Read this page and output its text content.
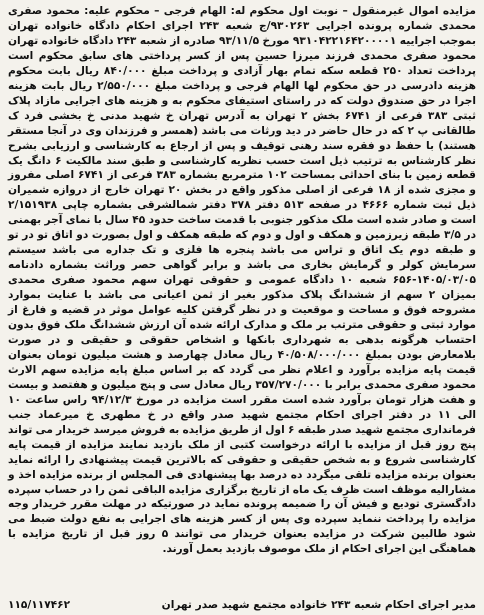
مزایده اموال غیرمنقول – نوبت اول محکوم له: الهام فرجی – محکوم علیه: محمود صفری محمدی شماره پرونده اجرایی ۹۳۰۲۶۳/ج شعبه ۲۴۳ اجرای احکام دادگاه خانواده تهران بموجب اجراییه ۹۳۱۰۴۲۲۱۶۴۲۰۰۰۰۱ مورخ ۹۳/۱۱/۵ صادره از شعبه ۲۴۳ دادگاه خانواده تهران محمود صفری محمدی فرزند میرزا حسین پس از کسر پرداختی های سابق محکوم است پرداخت تعداد ۲۵۰ قطعه سکه تمام بهار آزادی و پرداخت مبلغ ۸۴۰/۰۰۰ ریال بابت محکوم هزینه دادرسی در حق محکوم لها الهام فرجی و پرداخت مبلغ ۲/۵۵۰/۰۰۰ ریال بابت هزینه اجرا در حق صندوق دولت که در راستای استیفای محکوم به و هزینه های اجرایی مازاد پلاک ثبتی ۳۸۳ فرعی از ۶۷۴۱ بخش ۲ تهران به آدرس تهران خ شهید مدنی خ بخشی فرد ک طالقانی پ ۲ که در حال حاضر در دید ورثات می باشد (همسر و فرزندان وی در آنجا مستقر هستند) با حفظ دو فقره سند رهنی توقیف و پس از ارجاع به کارشناسی و ارزیابی بشرح نظر کارشناس به ترتیب ذیل است حسب نظریه کارشناسی و طبق سند مالکیت ۶ دانگ یک قطعه زمین با بنای احداثی بمساحت ۱۰۲ مترمربع بشماره ۳۸۳ فرعی از ۶۷۴۱ اصلی مفروز و مجزی شده از ۱۸ فرعی از اصلی مذکور واقع در بخش ۲۰ تهران خارج از دروازه شمیران ذیل ثبت شماره ۴۶۶۶ در صفحه ۵۱۳ دفتر ۳۷۸ دفتر شمالشرقی بشماره چاپی ۲/۱۵۱۹۳۸ است و صادر شده است ملک مذکور جنوبی با قدمت ساخت حدود ۴۵ سال با نمای آجر بهمنی در ۳/۵ طبقه زیرزمین و همکف و اول و دوم که طبقه همکف و اول بصورت دو اتاق تو در تو و طبقه دوم یک اتاق و تراس می باشد پنجره ها فلزی و تک جداره می باشد سیستم سرمایش کولر و گرمایش بخاری می باشد و برابر گواهی حصر وراثت بشماره دادنامه ۱۴۰۵/۰۳/۰۵-۶۵۶ شعبه ۱۰ دادگاه عمومی و حقوقی تهران سهم محمود صفری محمدی بمیزان ۲ سهم از ششدانگ پلاک مذکور بغیر از ثمن اعیانی می باشد با عنایت بموارد مشروحه فوق و مساحت و موقعیت و در نظر گرفتن کلیه عوامل موثر در قضیه و فارغ از موارد ثبتی و حقوقی مترتب بر ملک و مدارک ارائه شده آن ارزش ششدانگ ملک فوق بدون احتساب هرگونه بدهی به شهرداری بانکها و اشخاص حقوقی و حقیقی و در صورت بلامعارض بودن بمبلغ ۴۰/۵۰۸/۰۰۰/۰۰۰ ریال معادل چهارصد و هشت میلیون تومان بعنوان قیمت پایه مزایده برآورد و اعلام نظر می گردد که بر اساس مبلغ پایه مزایده سهم الارث محمود صفری محمدی برابر با ۳۵۷/۲۷۰/۰۰۰ ریال معادل سی و پنج میلیون و هفتصد و بیست و هفت هزار تومان برآورد شده است مقرر است مزایده در مورخ ۹۴/۱۲/۳ راس ساعت ۱۰ الی ۱۱ در دفتر اجرای احکام مجتمع شهید صدر واقع در خ مطهری خ میرعماد جنب فرمانداری مجتمع شهید صدر طبقه ۶ اول از طریق مزایده به فروش میرسد خریدار می تواند پنج روز قبل از مزایده با ارائه درخواست کتبی از ملک بازدید نمایند مزایده از قیمت پایه کارشناسی شروع و به شخص حقیقی و حقوقی که بالاترین قیمت پیشنهادی را ارائه نماید بعنوان برنده مزایده تلقی میگردد ده درصد بها پیشنهادی فی المجلس از برنده مزایده اخذ و مشارالیه موظف است ظرف یک ماه از تاریخ برگزاری مزایده الباقی ثمن را در حساب سپرده دادگستری تودیع و فیش آن را ضمیمه پرونده نماید در صورتیکه در مهلت مقرر خریدار وجه مزایده را پرداخت ننماید سپرده وی پس از کسر هزینه های اجرایی به نفع دولت ضبط می شود طالبین شرکت در مزایده بعنوان خریدار می توانند ۵ روز قبل از تاریخ مزایده با هماهنگی این اجرای احکام از ملک موصوف بازدید بعمل آورند.

مدیر اجرای احکام شعبه ۲۴۳ خانواده مجتمع شهید صدر تهران
۱۱۵/۱۱۷۴۶۲
